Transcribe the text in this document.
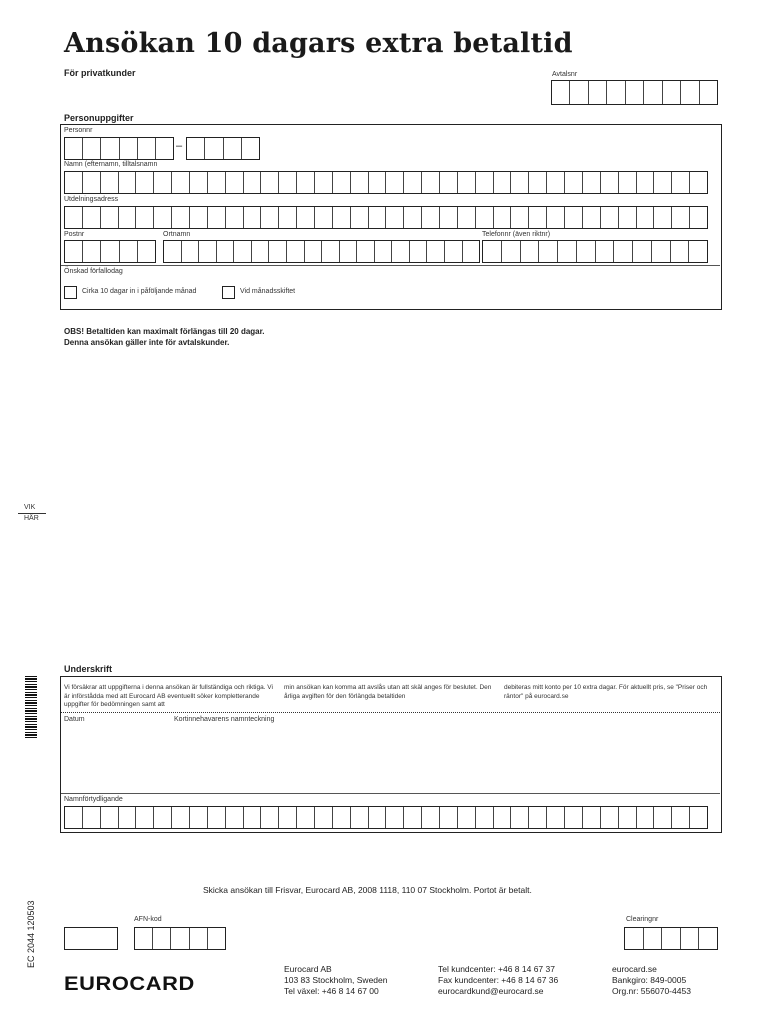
Ansökan 10 dagars extra betaltid
För privatkunder	Avtalsnr
Personuppgifter
Personnr
–
Namn (efternamn, tilltalsnamn
Utdelningsadress
Postnr	Ortnamn	Telefonnr (även riktnr)
Önskad förfallodag
Cirka 10 dagar in i påföljande månad	Vid månadsskiftet
OBS! Betaltiden kan maximalt förlängas till 20 dagar.
Denna ansökan gäller inte för avtalskunder.
VIK
HÄR
Underskrift
Vi försäkrar att uppgifterna i denna ansökan är fullständiga och riktiga. Vi är införstådda med att Eurocard AB eventuellt söker kompletterande uppgifter för bedömningen samt att
min ansökan kan komma att avslås utan att skäl anges för beslutet. Den årliga avgiften för den förlängda betaltiden
debiteras mitt konto per 10 extra dagar. För aktuellt pris, se "Priser och räntor" på eurocard.se
Datum	Kortinnehavarens namnteckning
Namnförtydligande
Skicka ansökan till Frisvar, Eurocard AB, 2008 1118, 110 07 Stockholm. Portot är betalt.
EC 2044 120503	AFN-kod	Clearingnr
EUROCARD
Eurocard AB
103 83 Stockholm, Sweden
Tel växel: +46 8 14 67 00
Tel kundcenter: +46 8 14 67 37
Fax kundcenter: +46 8 14 67 36
eurocardkund@eurocard.se
eurocard.se
Bankgiro: 849-0005
Org.nr: 556070-4453
